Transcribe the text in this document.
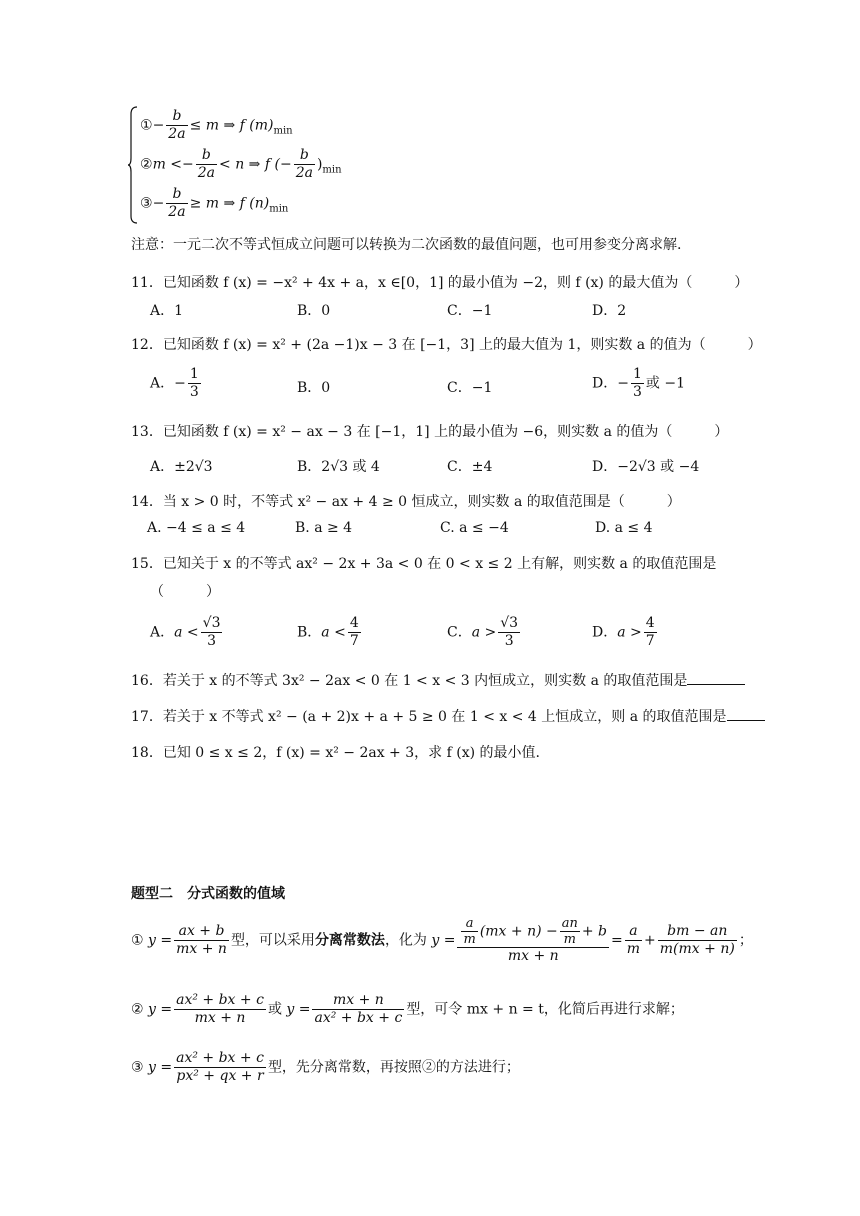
①− $\frac{b}{2a} \le m$ ⇒ f $(m)_{min}$
②m <− $\frac{b}{2a} < n$ ⇒ f (− $\frac{b}{2a} )_{min}$
③− $\frac{b}{2a} \ge m$ ⇒ f $(n)_{min}$
注意：一元二次不等式恒成立问题可以转换为二次函数的最值问题，也可用参变分离求解.
11．已知函数 f (x) = −x² + 4x + a，x ∈[0，1] 的最小值为 −2，则 f (x) 的最大值为（　　　）
A．1	B．0	C．−1	D．2
12．已知函数 f (x) = x² + (2a −1)x − 3 在 [−1，3] 上的最大值为 1，则实数 a 的值为（　　　）
A．− $\frac{1}{3}$	B．0	C．−1	D．− $\frac{1}{3}$ 或 −1
13．已知函数 f (x) = x² − ax − 3 在 [−1，1] 上的最小值为 −6，则实数 a 的值为（　　　）
A．±2√3	B．2√3 或 4	C．±4	D．−2√3 或 −4
14．当 x > 0 时，不等式 x² − ax + 4 ≥ 0 恒成立，则实数 a 的取值范围是（　　　）
A. −4 ≤ a ≤ 4	B. a ≥ 4	C. a ≤ −4	D. a ≤ 4
15．已知关于 x 的不等式 ax² − 2x + 3a < 0 在 0 < x ≤ 2 上有解，则实数 a 的取值范围是
（　　　）
A．$a < \frac{√3}{3}$	B．$a < \frac{4}{7}$	C．$a > \frac{√3}{3}$	D．$a > \frac{4}{7}$
16．若关于 x 的不等式 3x² − 2ax < 0 在 1 < x < 3 内恒成立，则实数 a 的取值范围是
17．若关于 x 不等式 x² − (a + 2)x + a + 5 ≥ 0 在 1 < x < 4 上恒成立，则 a 的取值范围是
18．已知 0 ≤ x ≤ 2，f (x) = x² − 2ax + 3，求 f (x) 的最小值.
题型二　分式函数的值域
① $y = \frac{ax + b}{mx + n}$ 型，可以采用分离常数法，化为 $y = \frac{\frac{a}{m} (mx + n) - \frac{an}{m} + b}{mx + n} = \frac{a}{m} + \frac{bm - an}{m(mx + n)}$ ；
② $y = \frac{\text{ax² + bx + c}}{mx + n}$ 或 $y = \frac{mx + n}{\text{ax² + bx + c}}$ 型，可令 mx + n = t，化简后再进行求解；
③ $y = \frac{\text{ax² + bx + c}}{\text{px² + qx + r}}$ 型，先分离常数，再按照②的方法进行；
